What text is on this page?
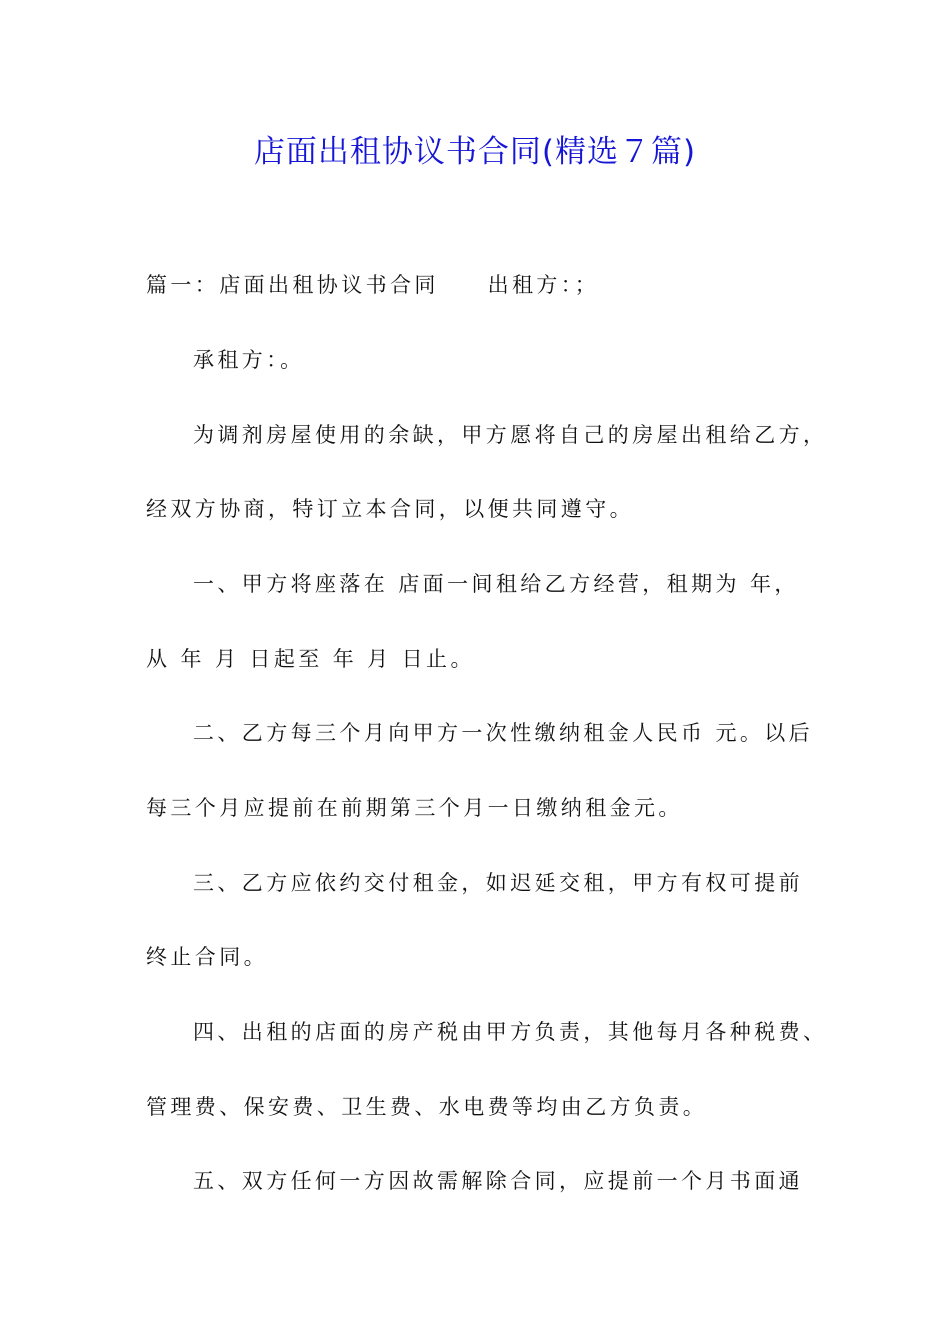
店面出租协议书合同(精选７篇)
篇一：店面出租协议书合同　　出租方：；
承租方：。
为调剂房屋使用的余缺，甲方愿将自己的房屋出租给乙方，
经双方协商，特订立本合同，以便共同遵守。
一、甲方将座落在 店面一间租给乙方经营，租期为 年，
从 年 月 日起至 年 月 日止。
二、乙方每三个月向甲方一次性缴纳租金人民币 元。以后
每三个月应提前在前期第三个月一日缴纳租金元。
三、乙方应依约交付租金，如迟延交租，甲方有权可提前
终止合同。
四、出租的店面的房产税由甲方负责，其他每月各种税费、
管理费、保安费、卫生费、水电费等均由乙方负责。
五、双方任何一方因故需解除合同，应提前一个月书面通
